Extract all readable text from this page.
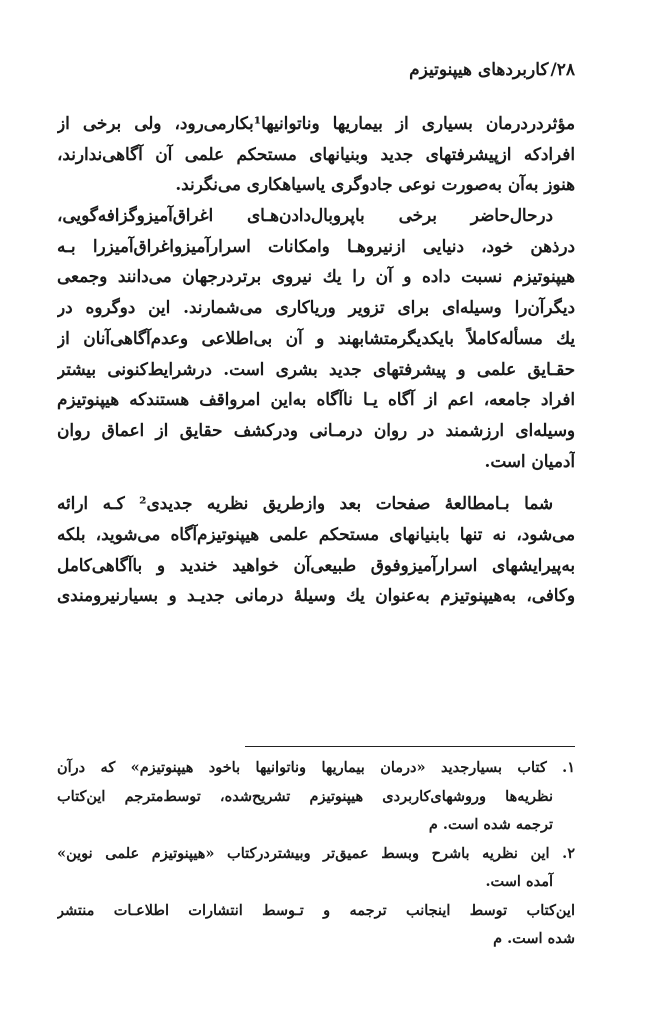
۲۸/کاربردهای هیپنوتیزم
مؤثردردرمان بسیاری از بیماریها وناتوانیها¹بکارمی‌رود، ولی برخی از
افرادکه ازپیشرفتهای جدید وبنیانهای مستحکم علمی آن آگاهی‌ندارند،
هنوز به‌آن به‌صورت نوعی جادوگری یاسیاهکاری می‌نگرند.
درحال‌حاضر برخی باپروبال‌دادن‌هـای اغراق‌آمیزوگزافه‌گویی،
درذهن خود، دنیایی ازنیروهـا وامکانات اسرارآمیزواغراق‌آمیزرا بـه
هیپنوتیزم نسبت داده و آن را یك نیروی برتردرجهان می‌دانند وجمعی
دیگرآن‌را وسیله‌ای برای تزویر وریاکاری می‌شمارند. این دوگروه در
یك مسأله‌کاملاً بایکدیگرمتشابهند و آن بی‌اطلاعی وعدم‌آگاهی‌آنان از
حقـایق علمی و پیشرفتهای جدید بشری است. درشرایط‌کنونی بیشتر
افراد جامعه، اعم از آگاه یـا ناآگاه به‌این امرواقف هستندکه هیپنوتیزم
وسیله‌ای ارزشمند در روان درمـانی ودرکشف حقایق از اعماق روان
آدمیان است.
شما بـامطالعهٔ صفحات بعد وازطریق نظریه جدیدی² کـه ارائه
می‌شود، نه تنها بابنیانهای مستحکم علمی هیپنوتیزم‌آگاه می‌شوید، بلکه
به‌پیرایشهای اسرارآمیزوفوق طبیعی‌آن خواهید خندید و باآگاهی‌کامل
وکافی، به‌هیپنوتیزم به‌عنوان یك وسیلهٔ درمانی جدیـد و بسیارنیرومندی
۱. کتاب بسیارجدید «درمان بیماریها وناتوانیها باخود هیپنوتیزم» که درآن
نظریه‌ها وروشهای‌کاربردی هیپنوتیزم تشریح‌شده، توسط‌مترجم این‌کتاب
ترجمه شده است. م
۲. این نظریه باشرح وبسط عمیق‌تر وبیشتردرکتاب «هیپنوتیزم علمی نوین»
آمده است.
این‌کتاب توسط اینجانب ترجمه و تـوسط انتشارات اطلاعـات منتشر
شده است. م
